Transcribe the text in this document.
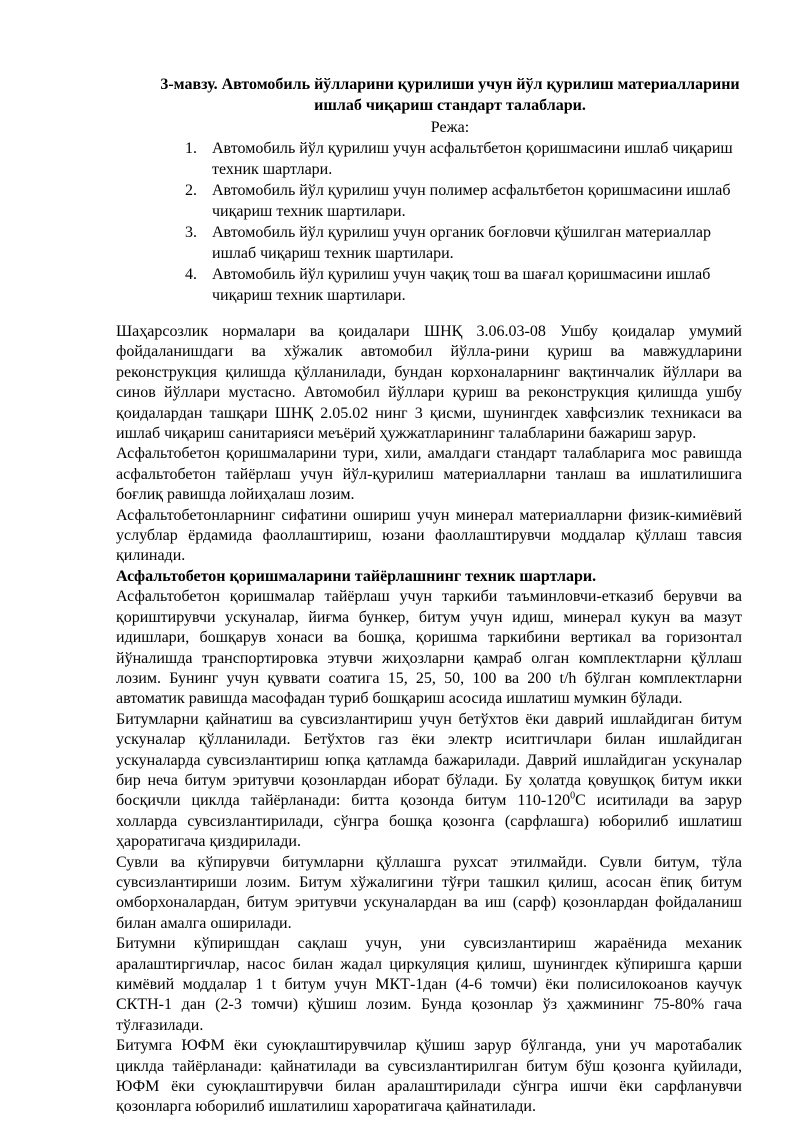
3-мавзу. Автомобиль йўлларини қурилиши учун йўл қурилиш материалларини ишлаб чиқариш стандарт талаблари.
Режа:
1. Автомобиль йўл қурилиш учун асфальтбетон қоришмасини ишлаб чиқариш техник шартлари.
2. Автомобиль йўл қурилиш учун полимер асфальтбетон қоришмасини ишлаб чиқариш техник шартилари.
3. Автомобиль йўл қурилиш учун органик боғловчи қўшилган материаллар ишлаб чиқариш техник шартилари.
4. Автомобиль йўл қурилиш учун чақиқ тош ва шағал қоришмасини ишлаб чиқариш техник шартилари.

Шаҳарсозлик нормалари ва қоидалари ШНҚ 3.06.03-08 Ушбу қоидалар умумий фойдаланишдаги ва хўжалик автомобил йўлла-рини қуриш ва мавжудларини реконструкция қилишда қўлланилади, бундан корхоналарнинг вақтинчалик йўллари ва синов йўллари мустасно. Автомобил йўллари қуриш ва реконструкция қилишда ушбу қоидалардан ташқари ШНҚ 2.05.02 нинг 3 қисми, шунингдек хавфсизлик техникаси ва ишлаб чиқариш санитарияси меъёрий ҳужжатларининг талабларини бажариш зарур.

Асфальтобетон қоришмаларини тури, хили, амалдаги стандарт талабларига мос равишда асфальтобетон тайёрлаш учун йўл-қурилиш материалларни танлаш ва ишлатилишига боғлиқ равишда лойиҳалаш лозим.

Асфальтобетонларнинг сифатини ошириш учун минерал материалларни физик-кимиёвий услублар ёрдамида фаоллаштириш, юзани фаоллаштирувчи моддалар қўллаш тавсия қилинади.

Асфальтобетон қоришмаларини тайёрлашнинг техник шартлари.

Асфальтобетон қоришмалар тайёрлаш учун таркиби таъминловчи-етказиб берувчи ва қориштирувчи ускуналар, йиғма бункер, битум учун идиш, минерал кукун ва мазут идишлари, бошқарув хонаси ва бошқа, қоришма таркибини вертикал ва горизонтал йўналишда транспортировка этувчи жиҳозларни қамраб олган комплектларни қўллаш лозим. Бунинг учун қуввати соатига 15, 25, 50, 100 ва 200 t/h бўлган комплектларни автоматик равишда масофадан туриб бошқариш асосида ишлатиш мумкин бўлади.

Битумларни қайнатиш ва сувсизлантириш учун бетўхтов ёки даврий ишлайдиган битум ускуналар қўлланилади. Бетўхтов газ ёки электр иситгичлари билан ишлайдиган ускуналарда сувсизлантириш юпқа қатламда бажарилади. Даврий ишлайдиган ускуналар бир неча битум эритувчи қозонлардан иборат бўлади. Бу ҳолатда қовушқоқ битум икки босқичли циклда тайёрланади: битта қозонда битум $110-120^0С$ иситилади ва зарур холларда сувсизлантирилади, сўнгра бошқа қозонга (сарфлашга) юборилиб ишлатиш ҳароратигача қиздирилади.

Сувли ва кўпирувчи битумларни қўллашга рухсат этилмайди. Сувли битум, тўла сувсизлантириши лозим. Битум хўжалигини тўғри ташкил қилиш, асосан ёпиқ битум омборхоналардан, битум эритувчи ускуналардан ва иш (сарф) қозонлардан фойдаланиш билан амалга оширилади.

Битумни кўпиришдан сақлаш учун, уни сувсизлантириш жараёнида механик аралаштиргичлар, насос билан жадал циркуляция қилиш, шунингдек кўпиришга қарши кимёвий моддалар 1 t битум учун МКТ-1дан (4-6 томчи) ёки полисилокоанов каучук СКТН-1 дан (2-3 томчи) қўшиш лозим. Бунда қозонлар ўз ҳажмининг 75-80% гача тўлғазилади.

Битумга ЮФМ ёки суюқлаштирувчилар қўшиш зарур бўлганда, уни уч маротабалик циклда тайёрланади: қайнатилади ва сувсизлантирилган битум бўш қозонга қуйилади, ЮФМ ёки суюқлаштирувчи билан аралаштирилади сўнгра ишчи ёки сарфланувчи қозонларга юборилиб ишлатилиш хароратигача қайнатилади.
